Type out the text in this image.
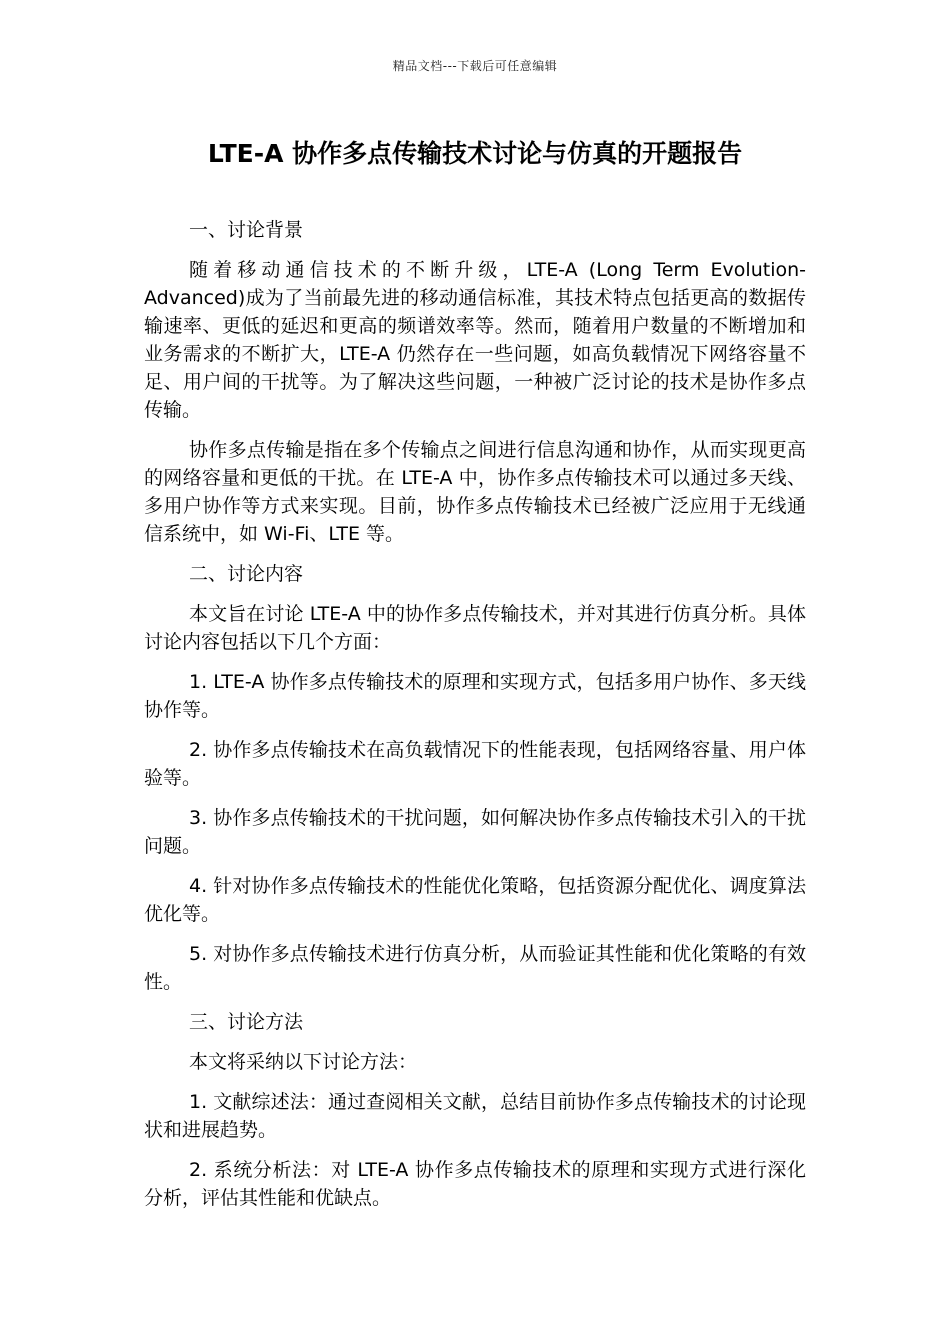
精品文档---下载后可任意编辑
LTE-A 协作多点传输技术讨论与仿真的开题报告

一、讨论背景

随着移动通信技术的不断升级，LTE-A (Long Term Evolution-Advanced)成为了当前最先进的移动通信标准，其技术特点包括更高的数据传输速率、更低的延迟和更高的频谱效率等。然而，随着用户数量的不断增加和业务需求的不断扩大，LTE-A 仍然存在一些问题，如高负载情况下网络容量不足、用户间的干扰等。为了解决这些问题，一种被广泛讨论的技术是协作多点传输。

协作多点传输是指在多个传输点之间进行信息沟通和协作，从而实现更高的网络容量和更低的干扰。在 LTE-A 中，协作多点传输技术可以通过多天线、多用户协作等方式来实现。目前，协作多点传输技术已经被广泛应用于无线通信系统中，如 Wi-Fi、LTE 等。

二、讨论内容

本文旨在讨论 LTE-A 中的协作多点传输技术，并对其进行仿真分析。具体讨论内容包括以下几个方面：

1. LTE-A 协作多点传输技术的原理和实现方式，包括多用户协作、多天线协作等。

2. 协作多点传输技术在高负载情况下的性能表现，包括网络容量、用户体验等。

3. 协作多点传输技术的干扰问题，如何解决协作多点传输技术引入的干扰问题。

4. 针对协作多点传输技术的性能优化策略，包括资源分配优化、调度算法优化等。

5. 对协作多点传输技术进行仿真分析，从而验证其性能和优化策略的有效性。

三、讨论方法

本文将采纳以下讨论方法：

1. 文献综述法：通过查阅相关文献，总结目前协作多点传输技术的讨论现状和进展趋势。

2. 系统分析法：对 LTE-A 协作多点传输技术的原理和实现方式进行深化分析，评估其性能和优缺点。
